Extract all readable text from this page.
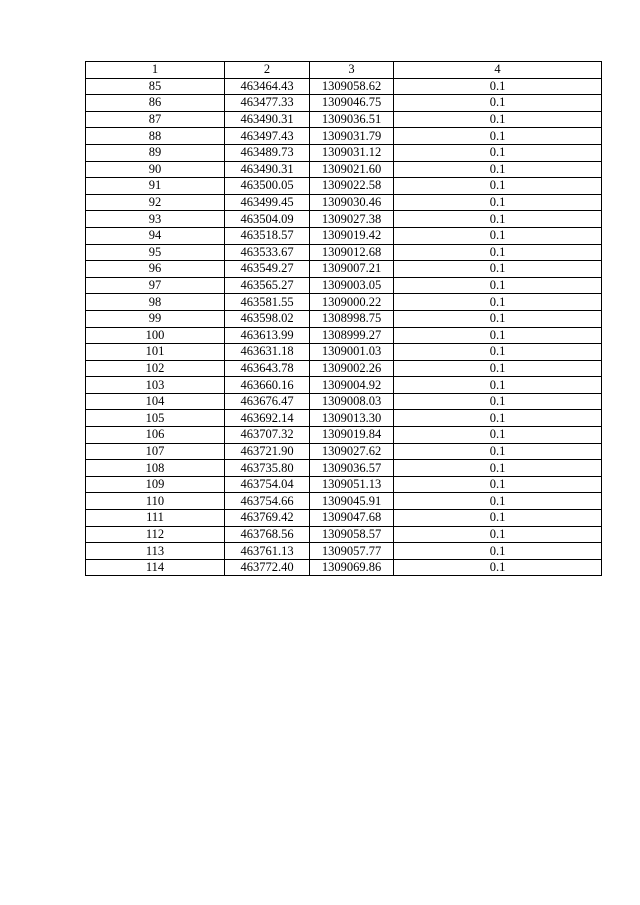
1	2	3	4
85	463464.43	1309058.62	0.1
86	463477.33	1309046.75	0.1
87	463490.31	1309036.51	0.1
88	463497.43	1309031.79	0.1
89	463489.73	1309031.12	0.1
90	463490.31	1309021.60	0.1
91	463500.05	1309022.58	0.1
92	463499.45	1309030.46	0.1
93	463504.09	1309027.38	0.1
94	463518.57	1309019.42	0.1
95	463533.67	1309012.68	0.1
96	463549.27	1309007.21	0.1
97	463565.27	1309003.05	0.1
98	463581.55	1309000.22	0.1
99	463598.02	1308998.75	0.1
100	463613.99	1308999.27	0.1
101	463631.18	1309001.03	0.1
102	463643.78	1309002.26	0.1
103	463660.16	1309004.92	0.1
104	463676.47	1309008.03	0.1
105	463692.14	1309013.30	0.1
106	463707.32	1309019.84	0.1
107	463721.90	1309027.62	0.1
108	463735.80	1309036.57	0.1
109	463754.04	1309051.13	0.1
110	463754.66	1309045.91	0.1
111	463769.42	1309047.68	0.1
112	463768.56	1309058.57	0.1
113	463761.13	1309057.77	0.1
114	463772.40	1309069.86	0.1
